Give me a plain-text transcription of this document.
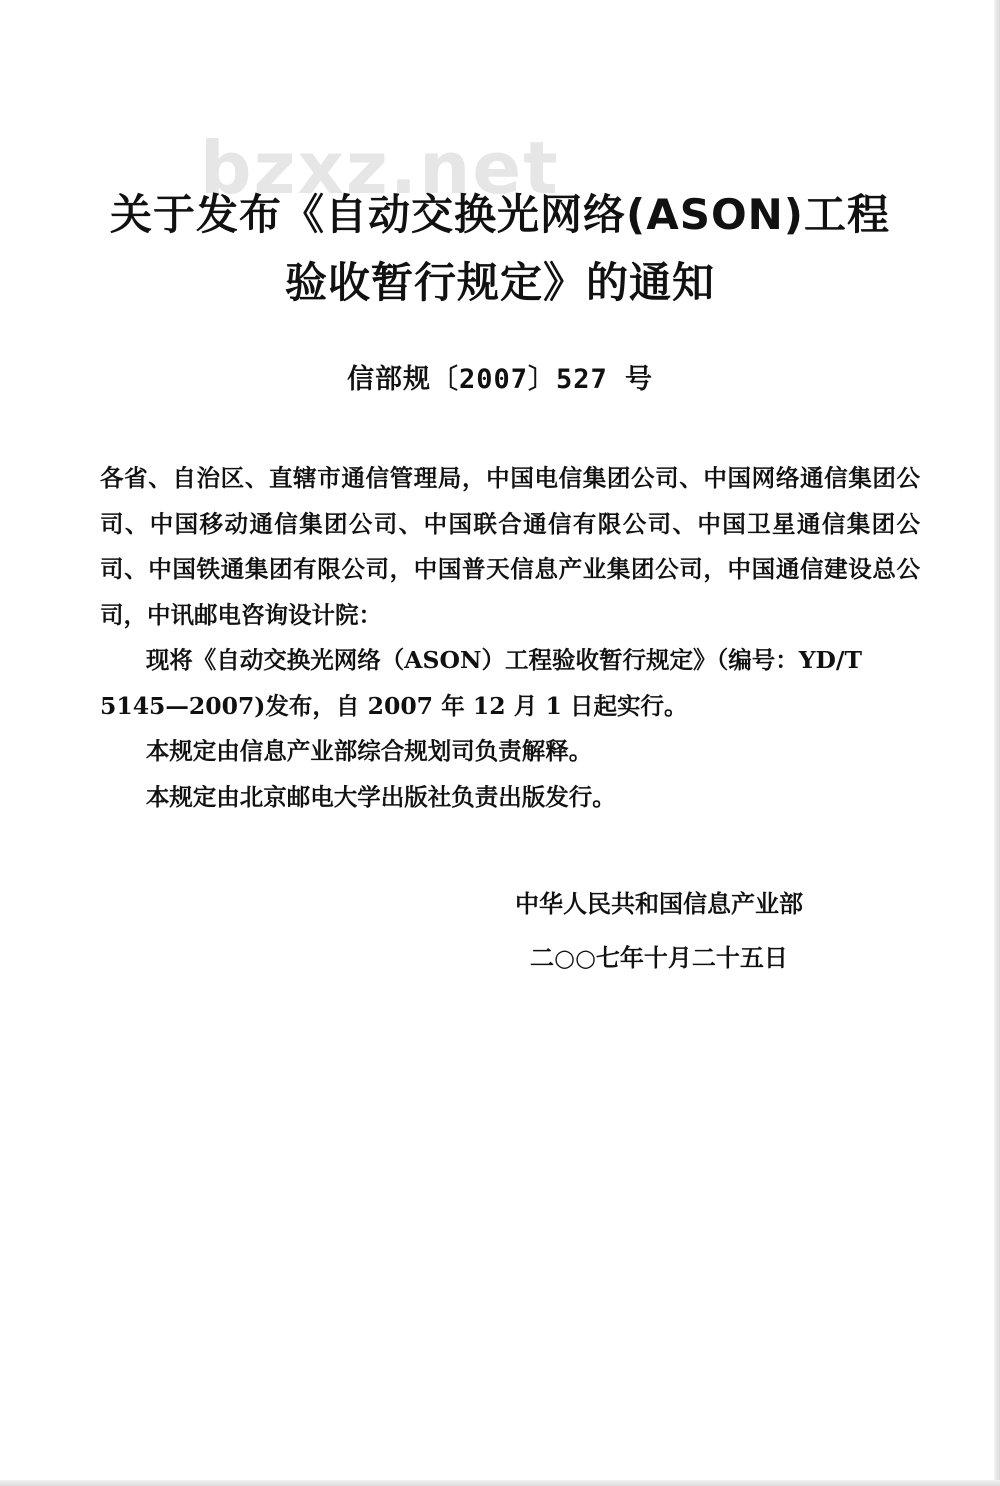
bzxz.net
关于发布《自动交换光网络(ASON)工程
验收暂行规定》的通知
信部规〔2007〕527 号

各省、自治区、直辖市通信管理局，中国电信集团公司、中国网络通信集团公司、中国移动通信集团公司、中国联合通信有限公司、中国卫星通信集团公司、中国铁通集团有限公司，中国普天信息产业集团公司，中国通信建设总公司，中讯邮电咨询设计院：

现将《自动交换光网络（ASON）工程验收暂行规定》（编号：YD/T 5145—2007)发布，自 2007 年 12 月 1 日起实行。

本规定由信息产业部综合规划司负责解释。

本规定由北京邮电大学出版社负责出版发行。

中华人民共和国信息产业部
二○○七年十月二十五日
